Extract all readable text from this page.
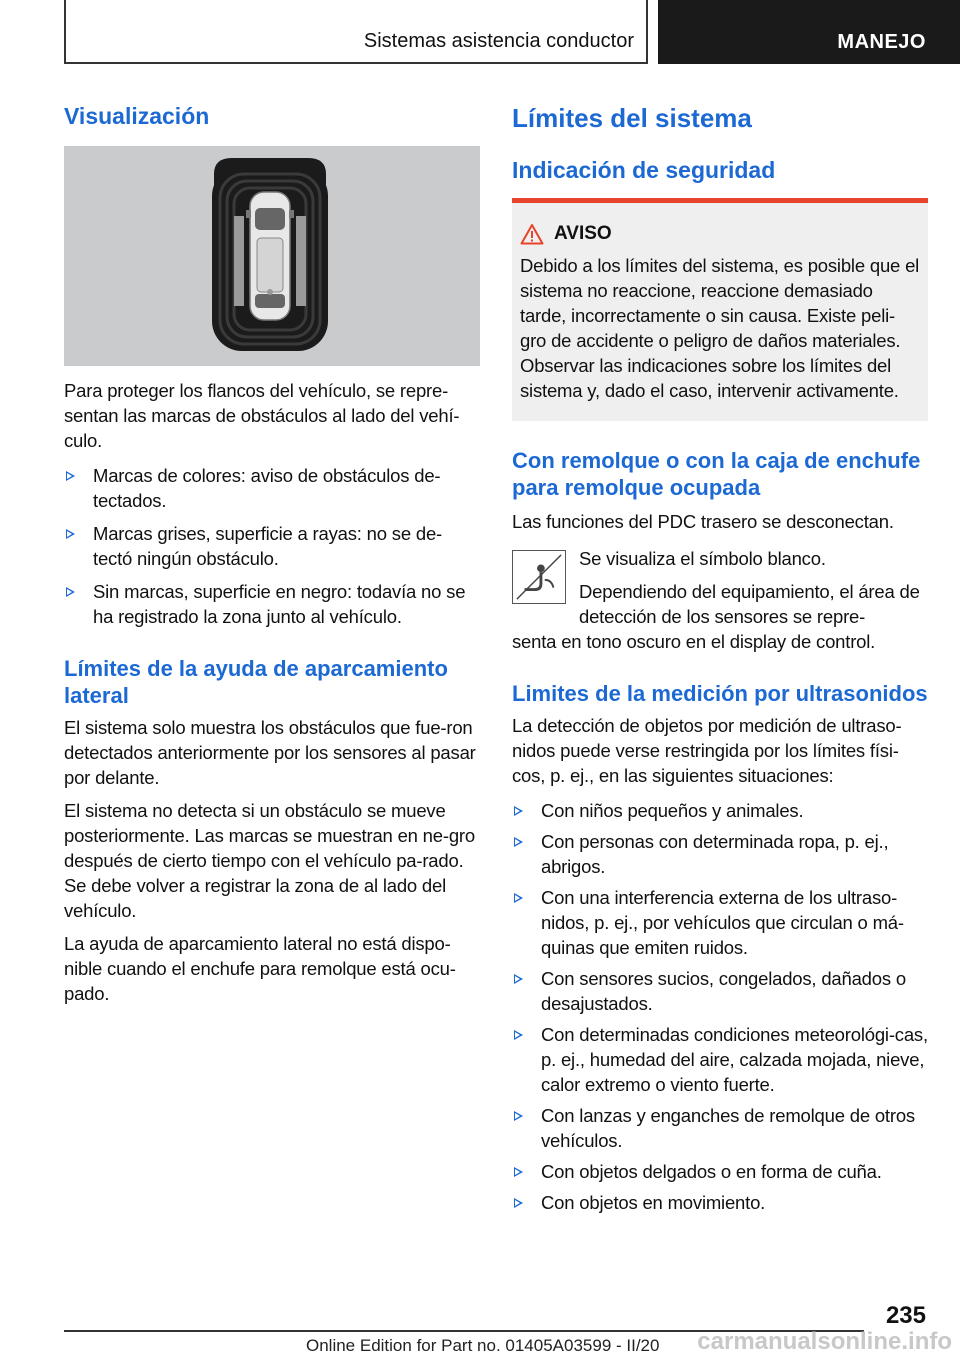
Sistemas asistencia conductor	MANEJO
Visualización

Para proteger los flancos del vehículo, se repre-sentan las marcas de obstáculos al lado del vehí-culo.

Marcas de colores: aviso de obstáculos de-tectados.
Marcas grises, superficie a rayas: no se de-tectó ningún obstáculo.
Sin marcas, superficie en negro: todavía no se ha registrado la zona junto al vehículo.
Límites de la ayuda de aparcamiento lateral

El sistema solo muestra los obstáculos que fue-ron detectados anteriormente por los sensores al pasar por delante.

El sistema no detecta si un obstáculo se mueve posteriormente. Las marcas se muestran en ne-gro después de cierto tiempo con el vehículo pa-rado. Se debe volver a registrar la zona de al lado del vehículo.

La ayuda de aparcamiento lateral no está dispo-nible cuando el enchufe para remolque está ocu-pado.

Límites del sistema
Indicación de seguridad
AVISO

Debido a los límites del sistema, es posible que el sistema no reaccione, reaccione demasiado tarde, incorrectamente o sin causa. Existe peli-gro de accidente o peligro de daños materiales. Observar las indicaciones sobre los límites del sistema y, dado el caso, intervenir activamente.

Con remolque o con la caja de enchufe para remolque ocupada

Las funciones del PDC trasero se desconectan.

Se visualiza el símbolo blanco.

Dependiendo del equipamiento, el área de detección de los sensores se repre-

senta en tono oscuro en el display de control.

Limites de la medición por ultrasonidos

La detección de objetos por medición de ultraso-nidos puede verse restringida por los límites físi-cos, p. ej., en las siguientes situaciones:

Con niños pequeños y animales.
Con personas con determinada ropa, p. ej., abrigos.
Con una interferencia externa de los ultraso-nidos, p. ej., por vehículos que circulan o má-quinas que emiten ruidos.
Con sensores sucios, congelados, dañados o desajustados.
Con determinadas condiciones meteorológi-cas, p. ej., humedad del aire, calzada mojada, nieve, calor extremo o viento fuerte.
Con lanzas y enganches de remolque de otros vehículos.
Con objetos delgados o en forma de cuña.
Con objetos en movimiento.
235
Online Edition for Part no. 01405A03599 - II/20 carmanualsonline.info
